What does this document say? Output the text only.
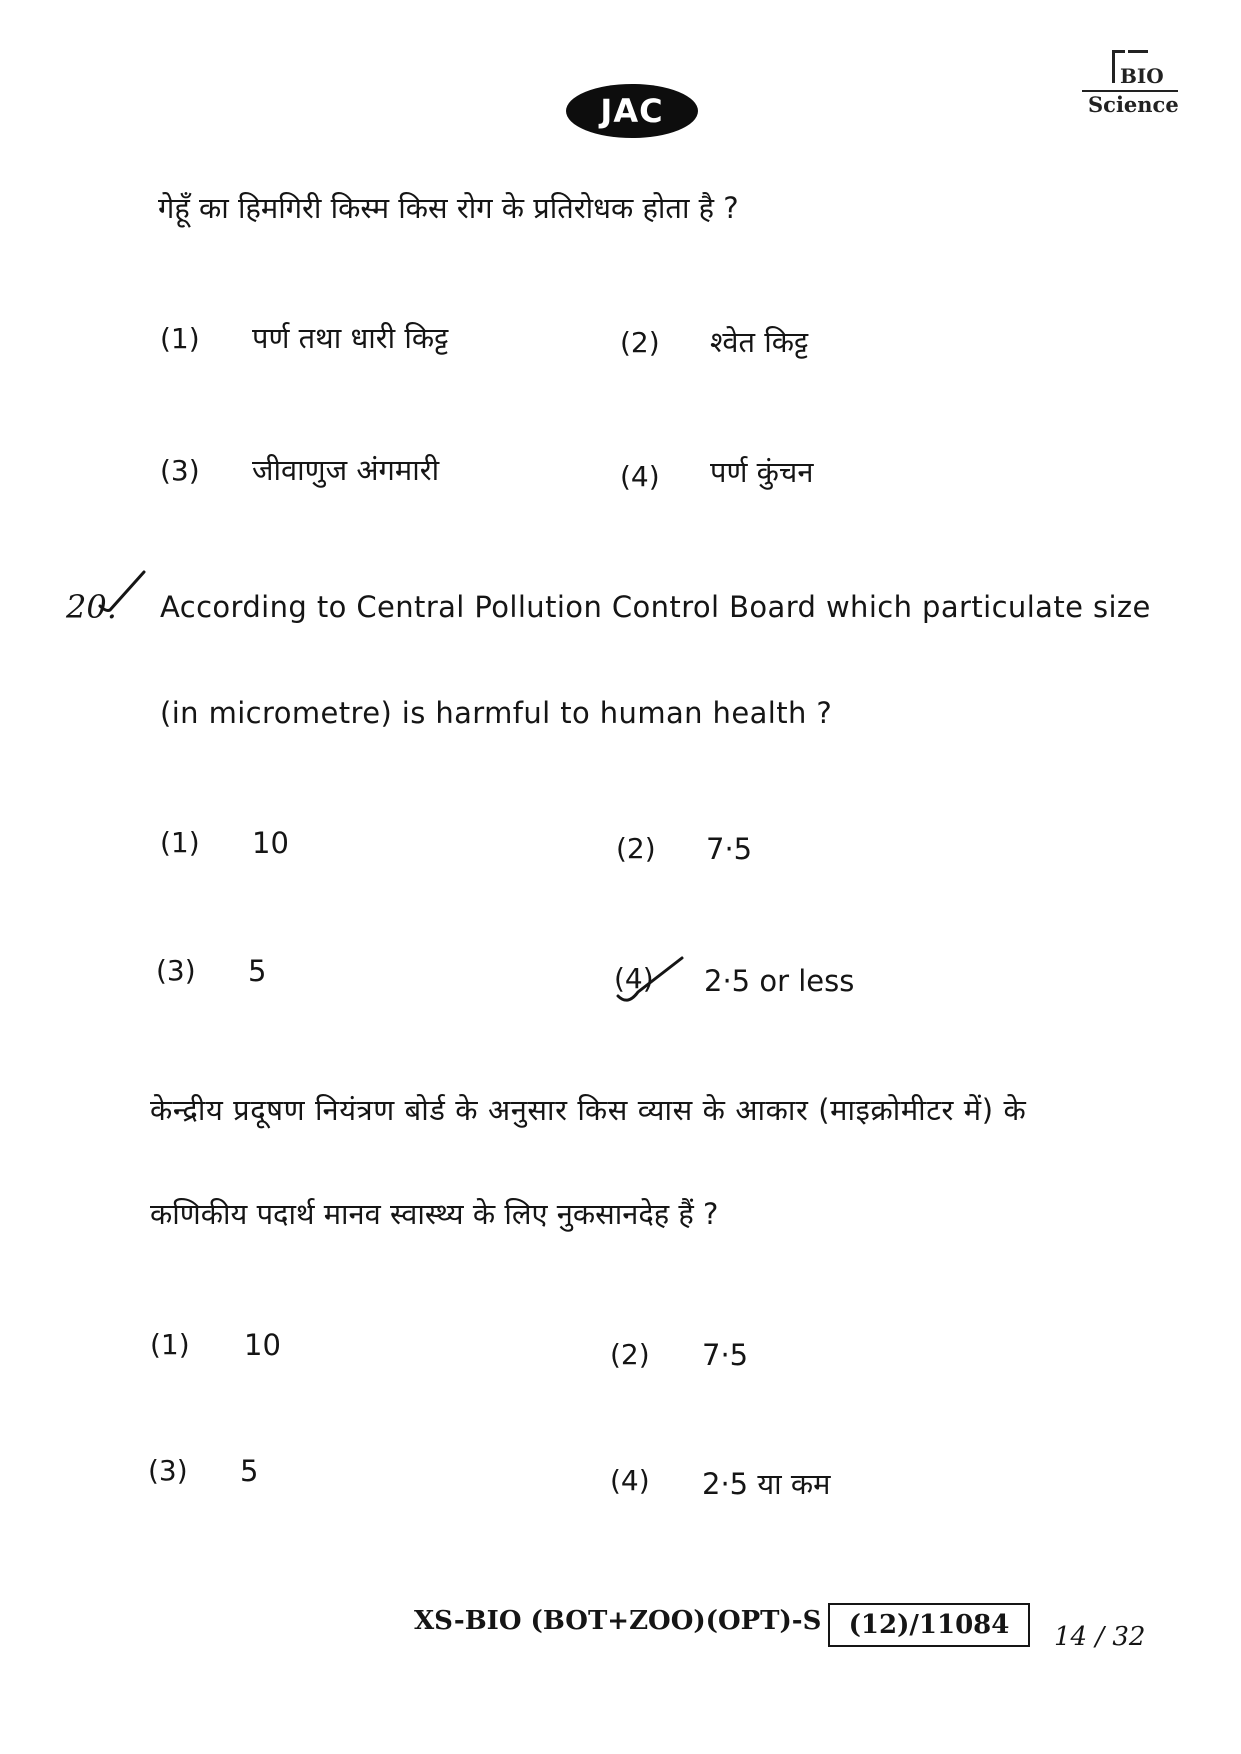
JAC
BIO
Science
गेहूँ का हिमगिरी किस्म किस रोग के प्रतिरोधक होता है ?
(1) पर्ण तथा धारी किट्ट	(2) श्वेत किट्ट
(3) जीवाणुज अंगमारी	(4) पर्ण कुंचन
20. According to Central Pollution Control Board which particulate size
(in micrometre) is harmful to human health ?
(1) 10	(2) 7·5
(3) 5	(4) 2·5 or less
केन्द्रीय प्रदूषण नियंत्रण बोर्ड के अनुसार किस व्यास के आकार (माइक्रोमीटर में) के
कणिकीय पदार्थ मानव स्वास्थ्य के लिए नुकसानदेह हैं ?
(1) 10	(2) 7·5
(3) 5	(4) 2·5 या कम
XS-BIO (BOT+ZOO)(OPT)-S	(12)/11084	14 / 32
